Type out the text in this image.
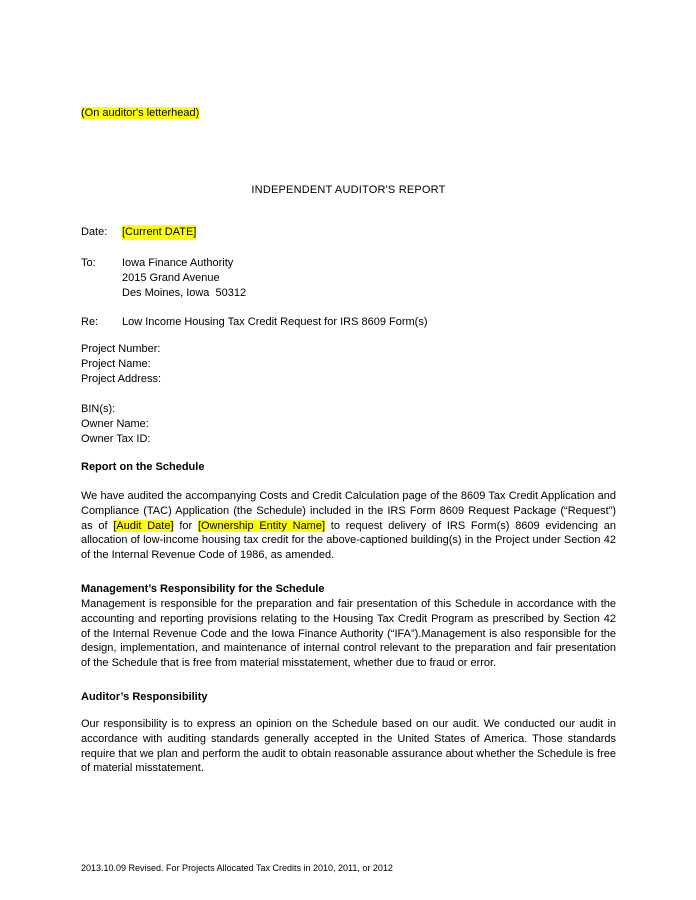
(On auditor's letterhead)

INDEPENDENT AUDITOR'S REPORT
Date:	[Current DATE]
To:	Iowa Finance Authority
2015 Grand Avenue
Des Moines, Iowa  50312
Re:	Low Income Housing Tax Credit Request for IRS 8609 Form(s)
Project Number:
Project Name:
Project Address:
BIN(s):
Owner Name:
Owner Tax ID:

Report on the Schedule

We have audited the accompanying Costs and Credit Calculation page of the 8609 Tax Credit Application and Compliance (TAC) Application (the Schedule) included in the IRS Form 8609 Request Package (“Request”) as of [Audit Date] for [Ownership Entity Name] to request delivery of IRS Form(s) 8609 evidencing an allocation of low-income housing tax credit for the above-captioned building(s) in the Project under Section 42 of the Internal Revenue Code of 1986, as amended.

Management’s Responsibility for the Schedule

Management is responsible for the preparation and fair presentation of this Schedule in accordance with the accounting and reporting provisions relating to the Housing Tax Credit Program as prescribed by Section 42 of the Internal Revenue Code and the Iowa Finance Authority (“IFA”).Management is also responsible for the design, implementation, and maintenance of internal control relevant to the preparation and fair presentation of the Schedule that is free from material misstatement, whether due to fraud or error.

Auditor’s Responsibility

Our responsibility is to express an opinion on the Schedule based on our audit. We conducted our audit in accordance with auditing standards generally accepted in the United States of America. Those standards require that we plan and perform the audit to obtain reasonable assurance about whether the Schedule is free of material misstatement.

2013.10.09 Revised. For Projects Allocated Tax Credits in 2010, 2011, or 2012
